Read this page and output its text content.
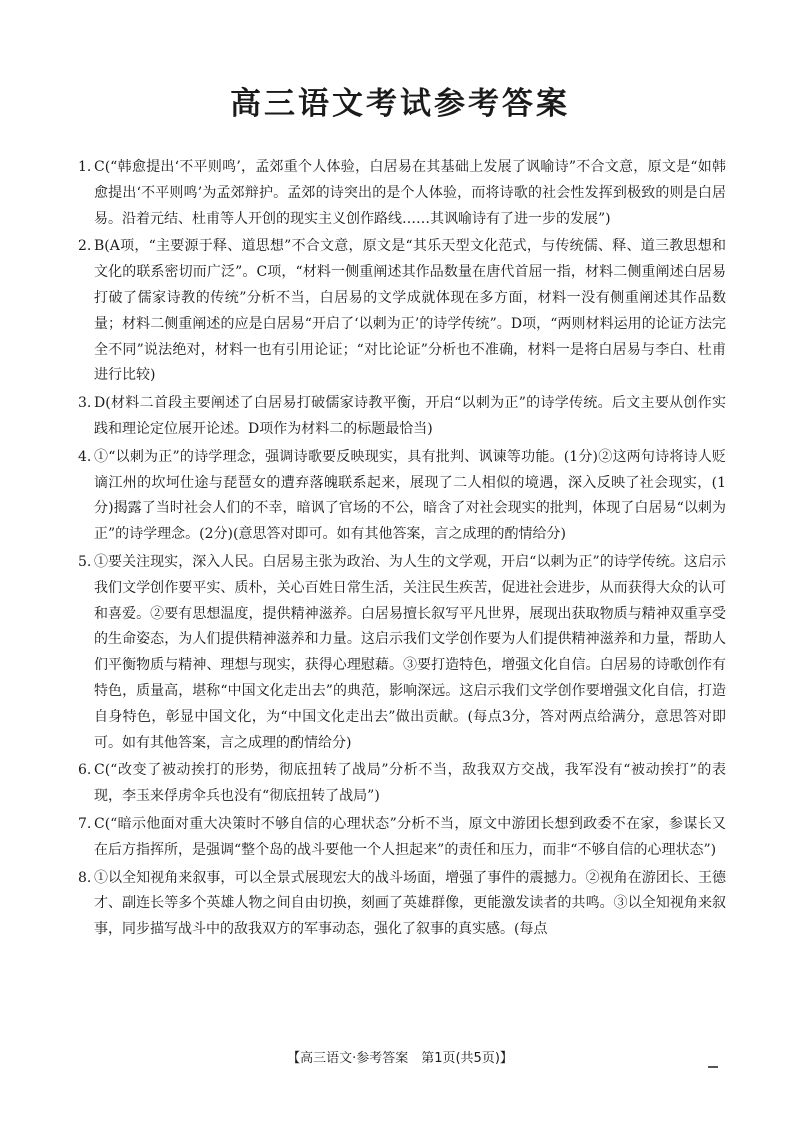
高三语文考试参考答案
1. C(“韩愈提出‘不平则鸣’，孟郊重个人体验，白居易在其基础上发展了讽喻诗”不合文意，原文是“如韩愈提出‘不平则鸣’为孟郊辩护。孟郊的诗突出的是个人体验，而将诗歌的社会性发挥到极致的则是白居易。沿着元结、杜甫等人开创的现实主义创作路线……其讽喻诗有了进一步的发展”)
2. B(A项，“主要源于释、道思想”不合文意，原文是“其乐天型文化范式，与传统儒、释、道三教思想和文化的联系密切而广泛”。C项，“材料一侧重阐述其作品数量在唐代首屈一指，材料二侧重阐述白居易打破了儒家诗教的传统”分析不当，白居易的文学成就体现在多方面，材料一没有侧重阐述其作品数量；材料二侧重阐述的应是白居易“开启了‘以刺为正’的诗学传统”。D项，“两则材料运用的论证方法完全不同”说法绝对，材料一也有引用论证；“对比论证”分析也不准确，材料一是将白居易与李白、杜甫进行比较)
3. D(材料二首段主要阐述了白居易打破儒家诗教平衡，开启“以刺为正”的诗学传统。后文主要从创作实践和理论定位展开论述。D项作为材料二的标题最恰当)
4. ①“以刺为正”的诗学理念，强调诗歌要反映现实，具有批判、讽谏等功能。(1分)②这两句诗将诗人贬谪江州的坎坷仕途与琵琶女的遭弃落魄联系起来，展现了二人相似的境遇，深入反映了社会现实，(1分)揭露了当时社会人们的不幸，暗讽了官场的不公，暗含了对社会现实的批判，体现了白居易“以刺为正”的诗学理念。(2分)(意思答对即可。如有其他答案，言之成理的酌情给分)
5. ①要关注现实，深入人民。白居易主张为政治、为人生的文学观，开启“以刺为正”的诗学传统。这启示我们文学创作要平实、质朴，关心百姓日常生活，关注民生疾苦，促进社会进步，从而获得大众的认可和喜爱。②要有思想温度，提供精神滋养。白居易擅长叙写平凡世界，展现出获取物质与精神双重享受的生命姿态，为人们提供精神滋养和力量。这启示我们文学创作要为人们提供精神滋养和力量，帮助人们平衡物质与精神、理想与现实，获得心理慰藉。③要打造特色，增强文化自信。白居易的诗歌创作有特色，质量高，堪称“中国文化走出去”的典范，影响深远。这启示我们文学创作要增强文化自信，打造自身特色，彰显中国文化，为“中国文化走出去”做出贡献。(每点3分，答对两点给满分，意思答对即可。如有其他答案，言之成理的酌情给分)
6. C(“改变了被动挨打的形势，彻底扭转了战局”分析不当，敌我双方交战，我军没有“被动挨打”的表现，李玉来俘虏伞兵也没有“彻底扭转了战局”)
7. C(“暗示他面对重大决策时不够自信的心理状态”分析不当，原文中游团长想到政委不在家，参谋长又在后方指挥所，是强调“整个岛的战斗要他一个人担起来”的责任和压力，而非“不够自信的心理状态”)
8. ①以全知视角来叙事，可以全景式展现宏大的战斗场面，增强了事件的震撼力。②视角在游团长、王德才、副连长等多个英雄人物之间自由切换，刻画了英雄群像，更能激发读者的共鸣。③以全知视角来叙事，同步描写战斗中的敌我双方的军事动态，强化了叙事的真实感。(每点
【高三语文·参考答案　第1页(共5页)】
